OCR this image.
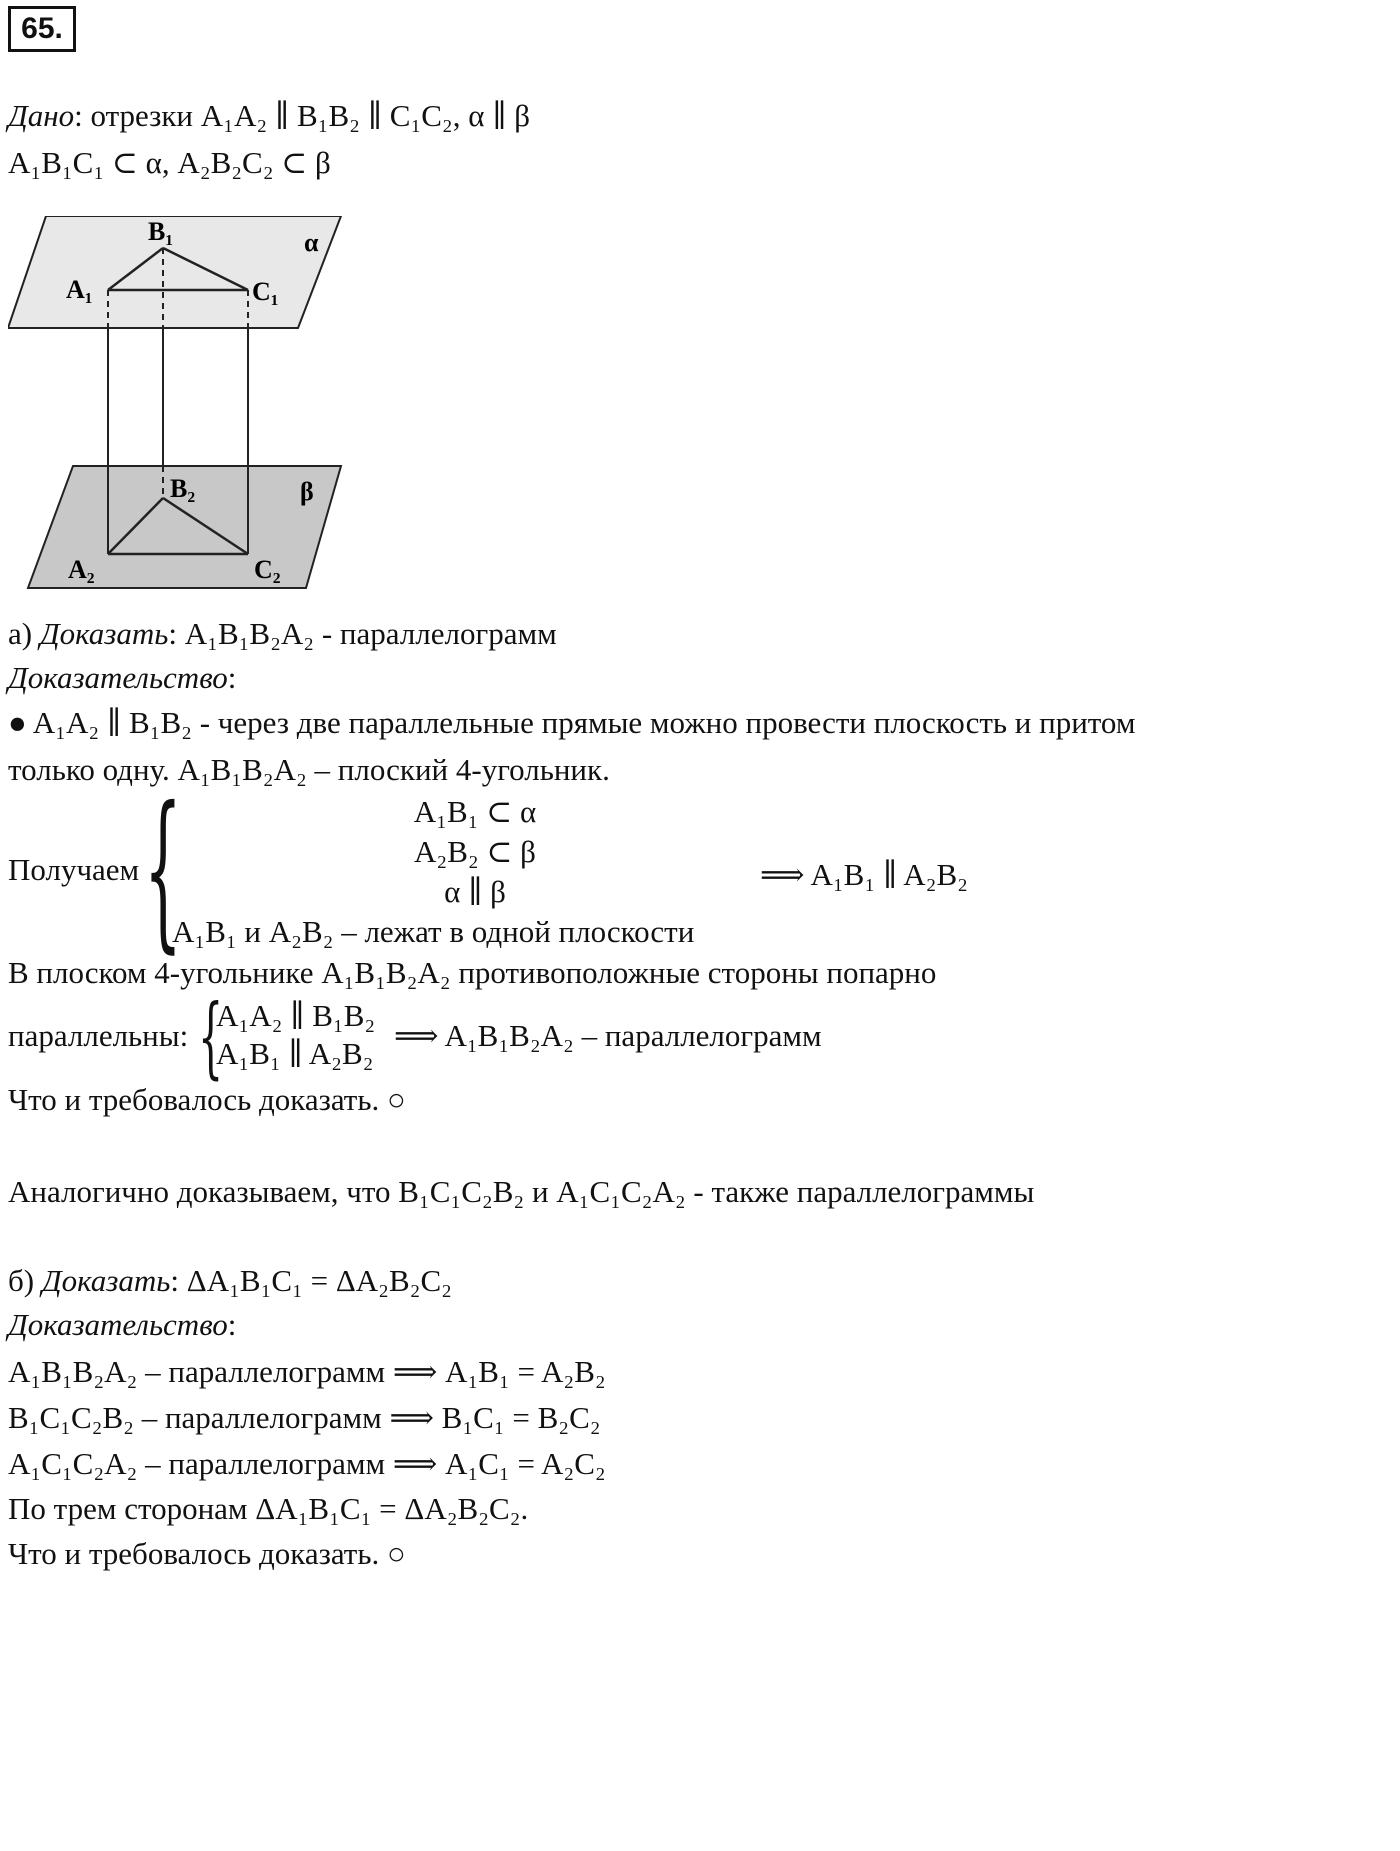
65.
Дано: отрезки A₁A₂ ∥ B₁B₂ ∥ C₁C₂, α ∥ β
A₁B₁C₁ ⊂ α, A₂B₂C₂ ⊂ β
α
β
B₁
A₁	C₁
B₂
A₂	C₂
а) Доказать: A₁B₁B₂A₂ - параллелограмм
Доказательство:
● A₁A₂ ∥ B₁B₂ - через две параллельные прямые можно провести плоскость и притом
только одну. A₁B₁B₂A₂ – плоский 4-угольник.
Получаем {	A₁B₁ ⊂ α
A₂B₂ ⊂ β
α ∥ β
A₁B₁ и A₂B₂ – лежат в одной плоскости
⟹ A₁B₁ ∥ A₂B₂
В плоском 4-угольнике A₁B₁B₂A₂ противоположные стороны попарно
параллельны: {
A₁A₂ ∥ B₁B₂
A₁B₁ ∥ A₂B₂
⟹ A₁B₁B₂A₂ – параллелограмм
Что и требовалось доказать. ○
Аналогично доказываем, что B₁C₁C₂B₂ и A₁C₁C₂A₂ - также параллелограммы
б) Доказать: ΔA₁B₁C₁ = ΔA₂B₂C₂
Доказательство:
A₁B₁B₂A₂ – параллелограмм ⟹ A₁B₁ = A₂B₂
B₁C₁C₂B₂ – параллелограмм ⟹ B₁C₁ = B₂C₂
A₁C₁C₂A₂ – параллелограмм ⟹ A₁C₁ = A₂C₂
По трем сторонам ΔA₁B₁C₁ = ΔA₂B₂C₂.
Что и требовалось доказать. ○
